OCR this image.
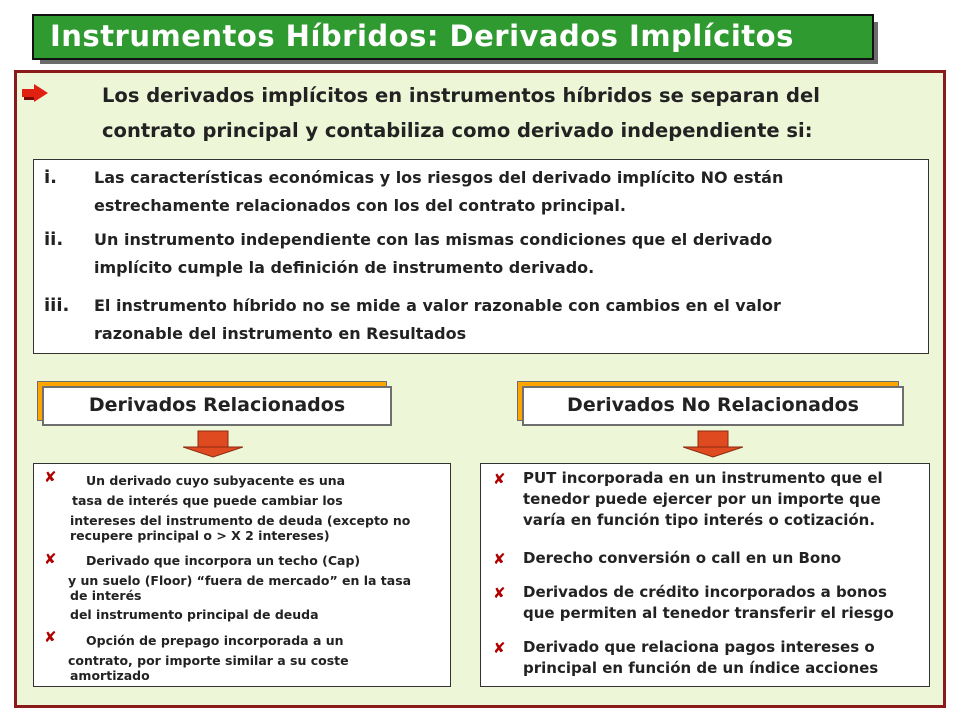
Instrumentos Híbridos: Derivados Implícitos
Los derivados implícitos en instrumentos híbridos se separan del
contrato principal y contabiliza como derivado independiente si:
i. Las características económicas y los riesgos del derivado implícito NO están
estrechamente relacionados con los del contrato principal.
ii. Un instrumento independiente con las mismas condiciones que el derivado
implícito cumple la definición de instrumento derivado.
iii. El instrumento híbrido no se mide a valor razonable con cambios en el valor
razonable del instrumento en Resultados
Derivados Relacionados	Derivados No Relacionados
✘ Un derivado cuyo subyacente es una
tasa de interés que puede cambiar los
intereses del instrumento de deuda (excepto no
recupere principal o > X 2 intereses)
✘ Derivado que incorpora un techo (Cap)
y un suelo (Floor) “fuera de mercado” en la tasa
de interés
del instrumento principal de deuda
✘ Opción de prepago incorporada a un
contrato, por importe similar a su coste
amortizado
✘ PUT incorporada en un instrumento que el
tenedor puede ejercer por un importe que
varía en función tipo interés o cotización.
✘ Derecho conversión o call en un Bono
✘ Derivados de crédito incorporados a bonos
que permiten al tenedor transferir el riesgo
✘ Derivado que relaciona pagos intereses o
principal en función de un índice acciones
